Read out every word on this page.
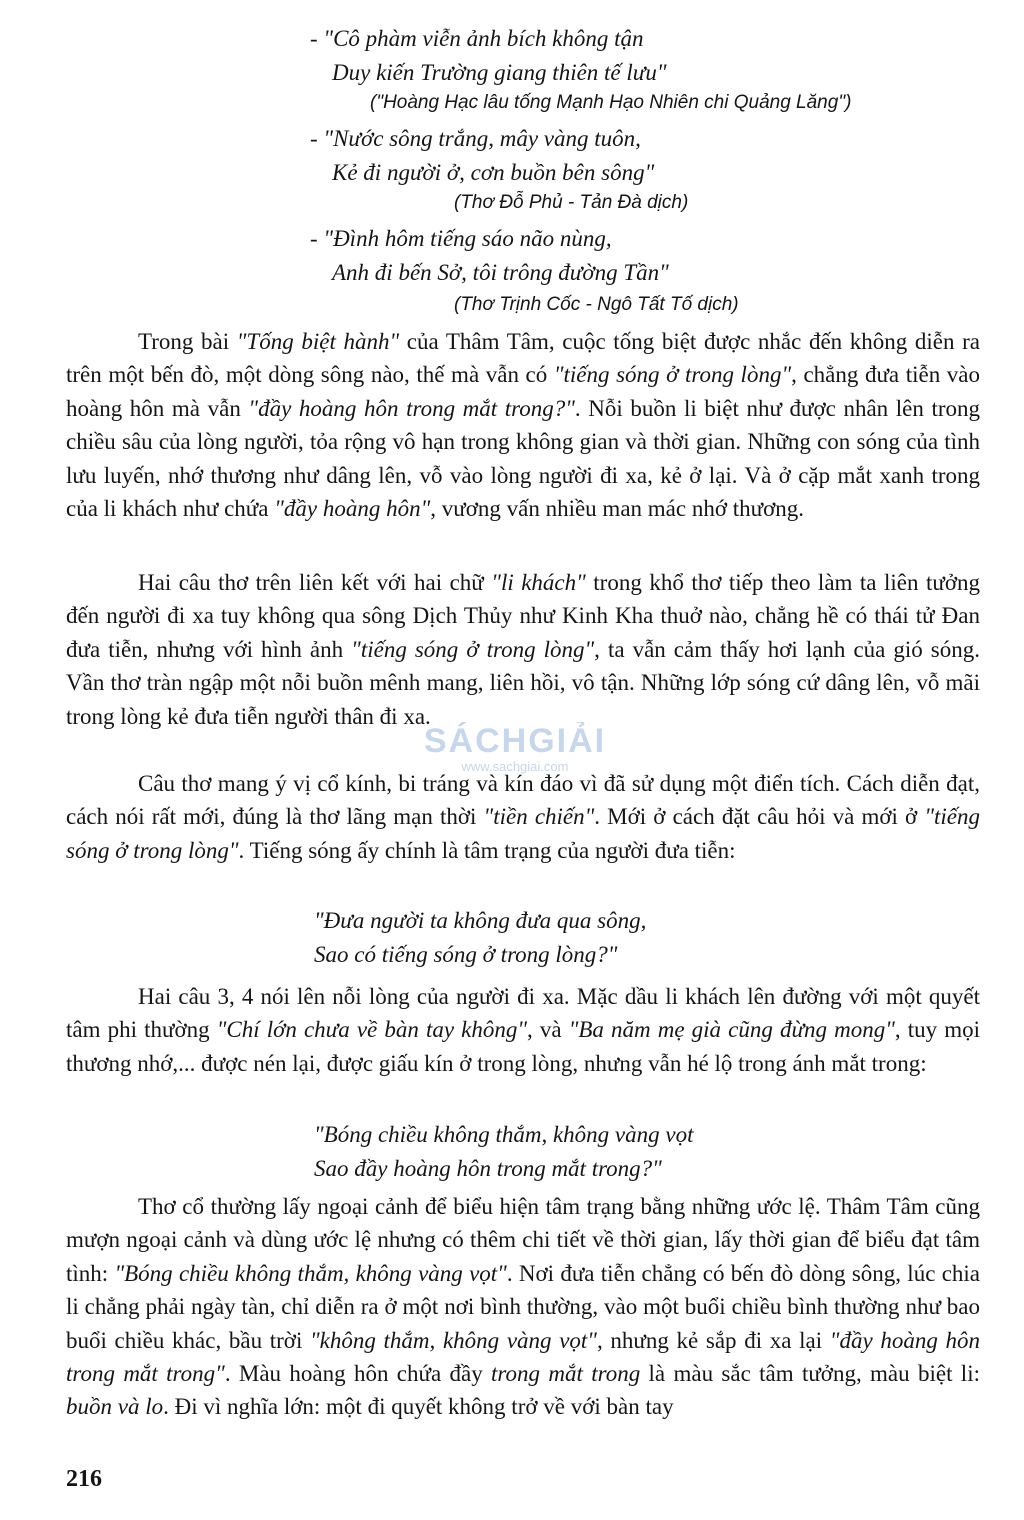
- "Cô phàm viễn ảnh bích không tận
Duy kiến Trường giang thiên tế lưu"
("Hoàng Hạc lâu tống Mạnh Hạo Nhiên chi Quảng Lăng")
- "Nước sông trắng, mây vàng tuôn,
Kẻ đi người ở, cơn buồn bên sông"
(Thơ Đỗ Phủ - Tản Đà dịch)
- "Đình hôm tiếng sáo não nùng,
Anh đi bến Sở, tôi trông đường Tần"
(Thơ Trịnh Cốc - Ngô Tất Tố dịch)

Trong bài "Tống biệt hành" của Thâm Tâm, cuộc tống biệt được nhắc đến không diễn ra trên một bến đò, một dòng sông nào, thế mà vẫn có "tiếng sóng ở trong lòng", chẳng đưa tiễn vào hoàng hôn mà vẫn "đầy hoàng hôn trong mắt trong?". Nỗi buồn li biệt như được nhân lên trong chiều sâu của lòng người, tỏa rộng vô hạn trong không gian và thời gian. Những con sóng của tình lưu luyến, nhớ thương như dâng lên, vỗ vào lòng người đi xa, kẻ ở lại. Và ở cặp mắt xanh trong của li khách như chứa "đầy hoàng hôn", vương vấn nhiều man mác nhớ thương.

Hai câu thơ trên liên kết với hai chữ "li khách" trong khổ thơ tiếp theo làm ta liên tưởng đến người đi xa tuy không qua sông Dịch Thủy như Kinh Kha thuở nào, chẳng hề có thái tử Đan đưa tiễn, nhưng với hình ảnh "tiếng sóng ở trong lòng", ta vẫn cảm thấy hơi lạnh của gió sóng. Vần thơ tràn ngập một nỗi buồn mênh mang, liên hồi, vô tận. Những lớp sóng cứ dâng lên, vỗ mãi trong lòng kẻ đưa tiễn người thân đi xa.

Câu thơ mang ý vị cổ kính, bi tráng và kín đáo vì đã sử dụng một điển tích. Cách diễn đạt, cách nói rất mới, đúng là thơ lãng mạn thời "tiền chiến". Mới ở cách đặt câu hỏi và mới ở "tiếng sóng ở trong lòng". Tiếng sóng ấy chính là tâm trạng của người đưa tiễn:

"Đưa người ta không đưa qua sông,
Sao có tiếng sóng ở trong lòng?"

Hai câu 3, 4 nói lên nỗi lòng của người đi xa. Mặc dầu li khách lên đường với một quyết tâm phi thường "Chí lớn chưa về bàn tay không", và "Ba năm mẹ già cũng đừng mong", tuy mọi thương nhớ,... được nén lại, được giấu kín ở trong lòng, nhưng vẫn hé lộ trong ánh mắt trong:

"Bóng chiều không thắm, không vàng vọt
Sao đầy hoàng hôn trong mắt trong?"

Thơ cổ thường lấy ngoại cảnh để biểu hiện tâm trạng bằng những ước lệ. Thâm Tâm cũng mượn ngoại cảnh và dùng ước lệ nhưng có thêm chi tiết về thời gian, lấy thời gian để biểu đạt tâm tình: "Bóng chiều không thắm, không vàng vọt". Nơi đưa tiễn chẳng có bến đò dòng sông, lúc chia li chẳng phải ngày tàn, chỉ diễn ra ở một nơi bình thường, vào một buổi chiều bình thường như bao buổi chiều khác, bầu trời "không thắm, không vàng vọt", nhưng kẻ sắp đi xa lại "đầy hoàng hôn trong mắt trong". Màu hoàng hôn chứa đầy trong mắt trong là màu sắc tâm tưởng, màu biệt li: buồn và lo. Đi vì nghĩa lớn: một đi quyết không trở về với bàn tay

SÁCHGIẢI
www.sachgiai.com
216
